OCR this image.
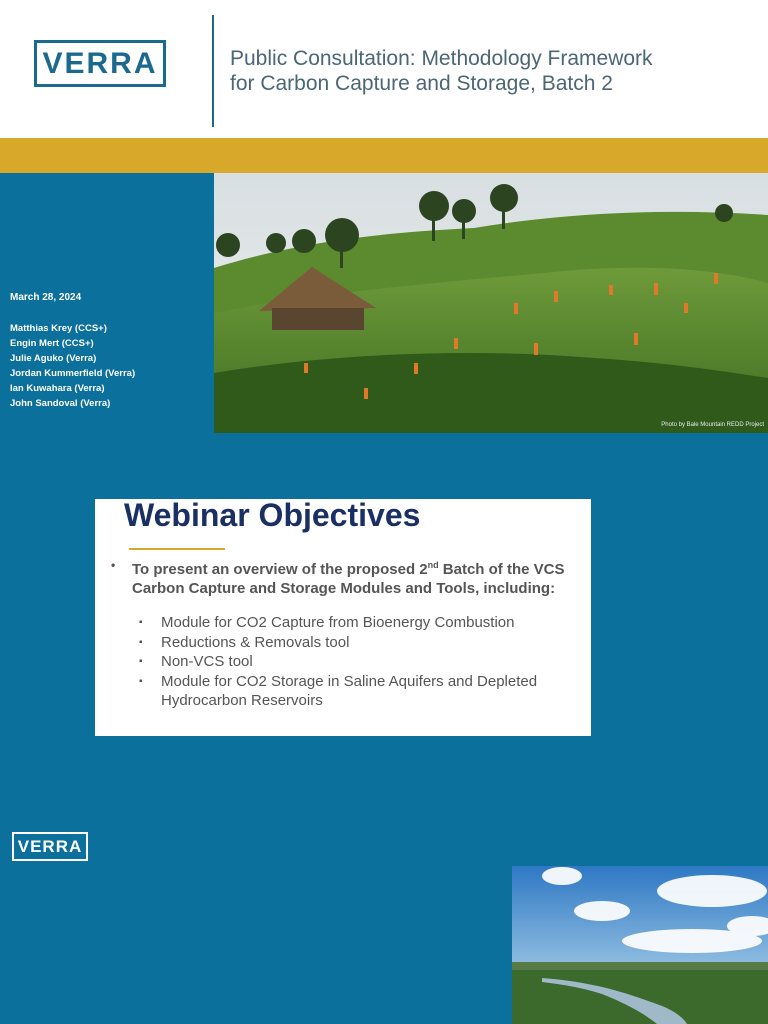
VERRA	Public Consultation: Methodology Framework
for Carbon Capture and Storage, Batch 2
March 28, 2024
Matthias Krey (CCS+)
Engin Mert (CCS+)
Julie Aguko (Verra)
Jordan Kummerfield (Verra)
Ian Kuwahara (Verra)
John Sandoval (Verra)
Photo by Bale Mountain REDD Project
Webinar Objectives
•	To present an overview of the proposed 2nd Batch of the VCS Carbon Capture and Storage Modules and Tools, including:
▪ Module for CO2 Capture from Bioenergy Combustion
▪ Reductions & Removals tool
▪ Non-VCS tool
▪ Module for CO2 Storage in Saline Aquifers and Depleted Hydrocarbon Reservoirs
VERRA
